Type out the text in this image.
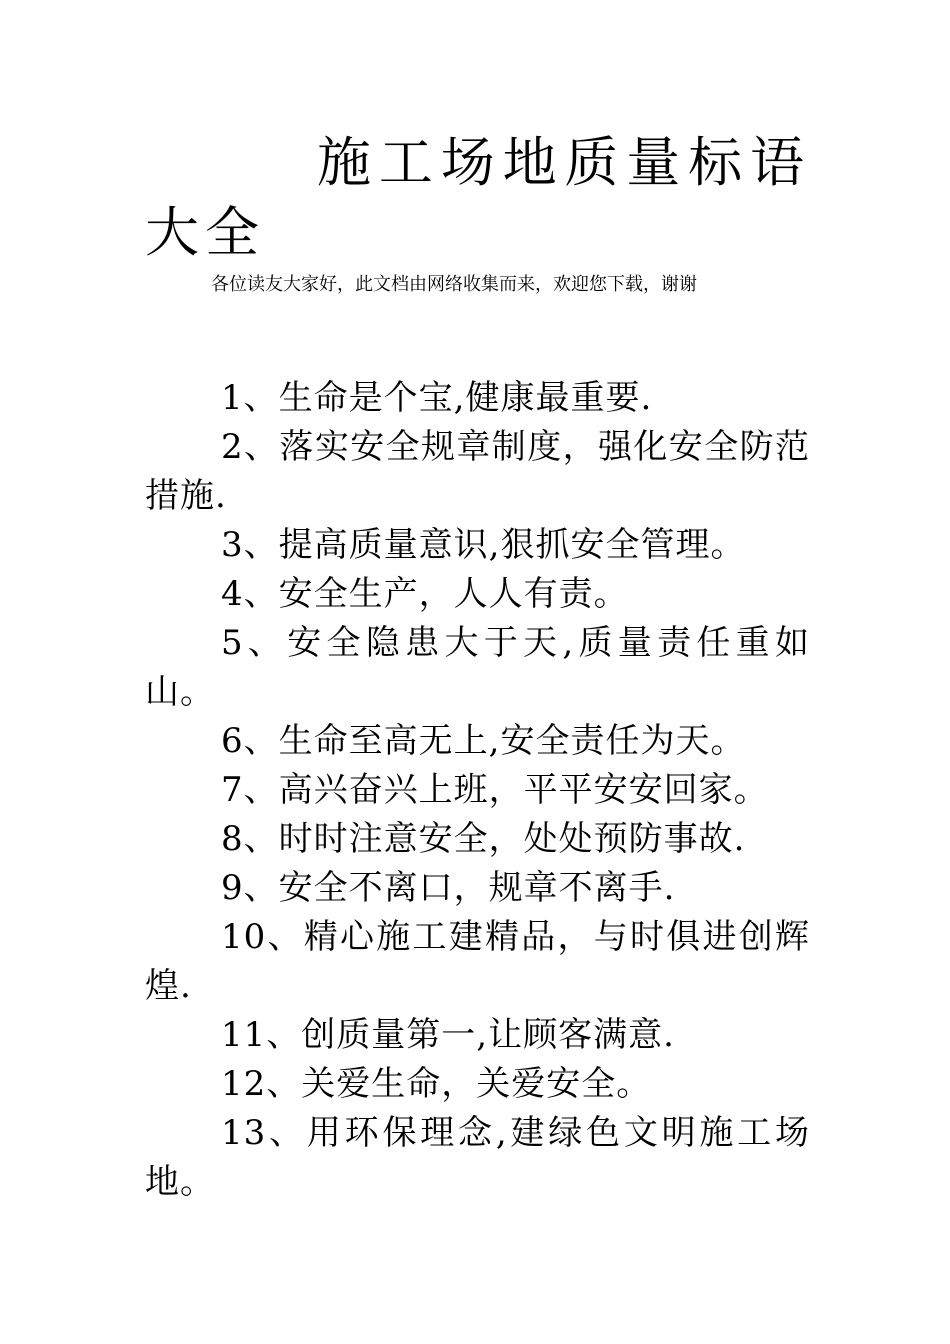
施工场地质量标语大全

各位读友大家好，此文档由网络收集而来，欢迎您下载，谢谢

1、生命是个宝,健康最重要.
2、落实安全规章制度，强化安全防范措施.
3、提高质量意识,狠抓安全管理。
4、安全生产，人人有责。
5、安全隐患大于天,质量责任重如山。
6、生命至高无上,安全责任为天。
7、高兴奋兴上班，平平安安回家。
8、时时注意安全，处处预防事故.
9、安全不离口，规章不离手.
10、精心施工建精品，与时俱进创辉煌.
11、创质量第一,让顾客满意.
12、关爱生命，关爱安全。
13、用环保理念,建绿色文明施工场地。
